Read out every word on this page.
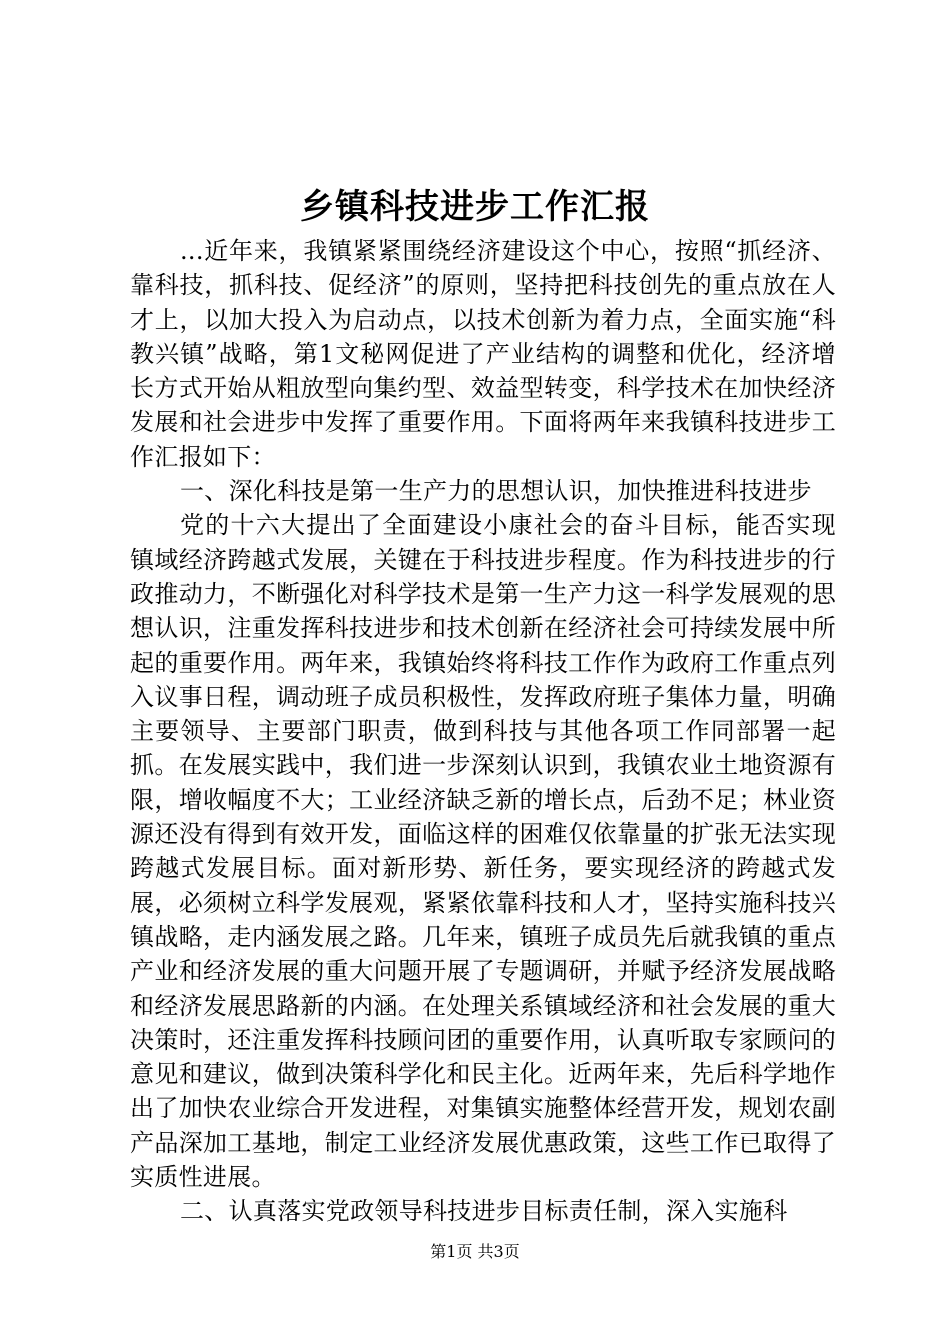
乡镇科技进步工作汇报

...近年来，我镇紧紧围绕经济建设这个中心，按照“抓经济、靠科技，抓科技、促经济”的原则，坚持把科技创先的重点放在人才上，以加大投入为启动点，以技术创新为着力点，全面实施“科教兴镇”战略，第1文秘网促进了产业结构的调整和优化，经济增长方式开始从粗放型向集约型、效益型转变，科学技术在加快经济发展和社会进步中发挥了重要作用。下面将两年来我镇科技进步工作汇报如下：

一、深化科技是第一生产力的思想认识，加快推进科技进步

党的十六大提出了全面建设小康社会的奋斗目标，能否实现镇域经济跨越式发展，关键在于科技进步程度。作为科技进步的行政推动力，不断强化对科学技术是第一生产力这一科学发展观的思想认识，注重发挥科技进步和技术创新在经济社会可持续发展中所起的重要作用。两年来，我镇始终将科技工作作为政府工作重点列入议事日程，调动班子成员积极性，发挥政府班子集体力量，明确主要领导、主要部门职责，做到科技与其他各项工作同部署一起抓。在发展实践中，我们进一步深刻认识到，我镇农业土地资源有限，增收幅度不大；工业经济缺乏新的增长点，后劲不足；林业资源还没有得到有效开发，面临这样的困难仅依靠量的扩张无法实现跨越式发展目标。面对新形势、新任务，要实现经济的跨越式发展，必须树立科学发展观，紧紧依靠科技和人才，坚持实施科技兴镇战略，走内涵发展之路。几年来，镇班子成员先后就我镇的重点产业和经济发展的重大问题开展了专题调研，并赋予经济发展战略和经济发展思路新的内涵。在处理关系镇域经济和社会发展的重大决策时，还注重发挥科技顾问团的重要作用，认真听取专家顾问的意见和建议，做到决策科学化和民主化。近两年来，先后科学地作出了加快农业综合开发进程，对集镇实施整体经营开发，规划农副产品深加工基地，制定工业经济发展优惠政策，这些工作已取得了实质性进展。

二、认真落实党政领导科技进步目标责任制，深入实施科

第1页 共3页
